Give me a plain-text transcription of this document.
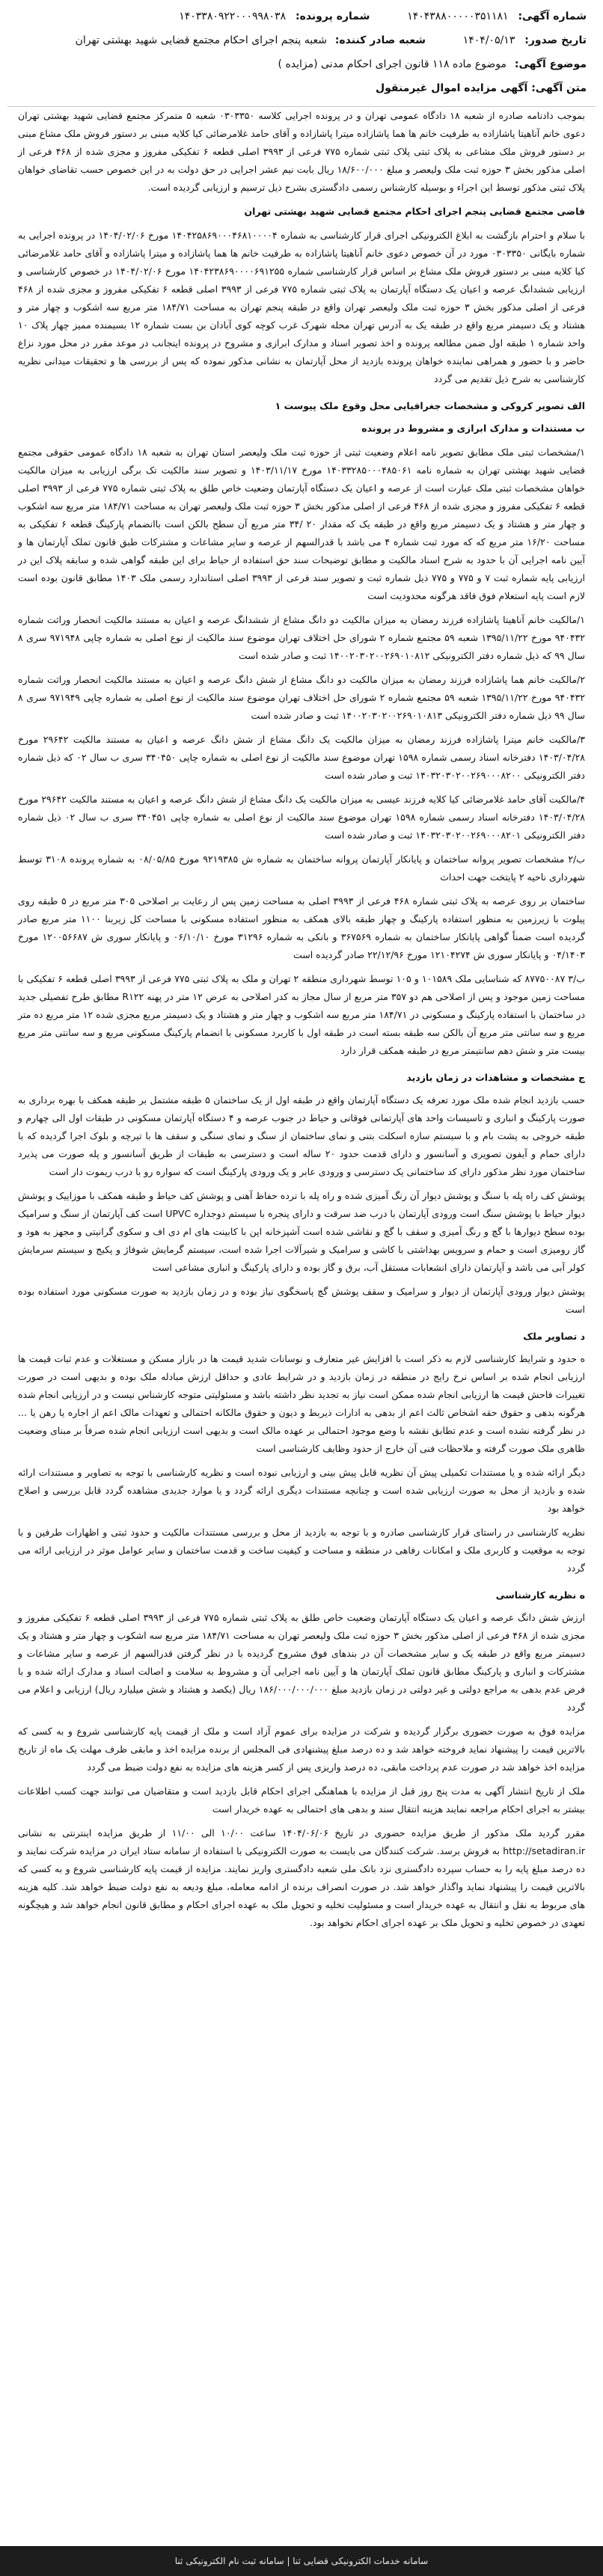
شماره آگهی: ۱۴۰۴۳۸۸۰۰۰۰۰۳۵۱۱۸۱  شماره پرونده: ۱۴۰۳۳۸۰۹۲۲۰۰۰۹۹۸۰۳۸
تاریخ صدور: ۱۴۰۴/۰۵/۱۳  شعبه صادر کننده: شعبه پنجم اجرای احکام مجتمع قضایی شهید بهشتی تهران
موضوع آگهی: موضوع ماده ۱۱۸ قانون اجرای احکام مدنی (مزایده )
متن آگهی: آگهی مزایده اموال غیرمنقول

بموجب دادنامه صادره از شعبه ۱۸ دادگاه عمومی تهران و در پرونده اجرایی کلاسه ۰۳۰۳۳۵۰ شعبه ۵ متمرکز مجتمع قضایی شهید بهشتی تهران دعوی خانم آناهیتا پاشازاده به طرفیت خانم ها هما پاشازاده میترا پاشازاده و آقای حامد غلامرضائی کیا کلایه مبنی بر دستور فروش ملک مشاع مبنی بر دستور فروش ملک مشاعی به پلاک ثبتی پلاک ثبتی شماره ۷۷۵ فرعی از ۳۹۹۳ اصلی قطعه ۶ تفکیکی مفروز و مجزی شده از ۴۶۸ فرعی از اصلی مذکور بخش ۳ حوزه ثبت ملک ولیعصر و مبلغ ۱۸/۶۰۰/۰۰۰ ریال بابت نیم عشر اجرایی در حق دولت به در این خصوص حسب تقاضای خواهان پلاک ثبتی مذکور توسط این اجراء و بوسیله کارشناس رسمی دادگستری بشرح ذیل ترسیم و ارزیابی گردیده است.

قاضی مجتمع قضایی پنجم اجرای احکام مجتمع قضایی شهید بهشتی تهران

با سلام و احترام بازگشت به ابلاغ الکترونیکی اجرای قرار کارشناسی به شماره ۱۴۰۴۲۵۸۶۹۰۰۰۴۶۸۱۰۰۰۰۴ مورخ ۱۴۰۴/۰۲/۰۶ در پرونده اجرایی به شماره بایگانی ۰۳۰۳۳۵۰ مورد در آن خصوص دعوی خانم آناهیتا پاشازاده به طرفیت خانم ها هما پاشازاده و میترا پاشازاده و آقای حامد غلامرضائی کیا کلایه مبنی بر دستور فروش ملک مشاع بر اساس قرار کارشناسی شماره ۱۴۰۴۲۳۸۶۹۰۰۰۰۶۹۱۲۵۵ مورخ ۱۴۰۴/۰۲/۰۶ در خصوص کارشناسی و ارزیابی ششدانگ عرصه و اعیان یک دستگاه آپارتمان به پلاک ثبتی شماره ۷۷۵ فرعی از ۳۹۹۳ اصلی قطعه ۶ تفکیکی مفروز و مجزی شده از ۴۶۸ فرعی از اصلی مذکور بخش ۳ حوزه ثبت ملک ولیعصر تهران واقع در طبقه پنجم تهران به مساحت ۱۸۴/۷۱ متر مربع سه اشکوب و چهار متر و هشتاد و یک دسیمتر مربع واقع در طبقه یک به آدرس تهران محله شهرک غرب کوچه کوی آبادان بن بست شماره ۱۲ بسیمنده ممیز چهار پلاک ۱۰ واحد شماره ۱ طبقه اول ضمن مطالعه پرونده و اخذ تصویر اسناد و مدارک ابرازی و مشروح در پرونده اینجانب در موعد مقرر در محل مورد نزاع حاضر و با حضور و همراهی نماینده خواهان پرونده بازدید از محل آپارتمان به نشانی مذکور نموده که پس از بررسی ها و تحقیقات میدانی نظریه کارشناسی به شرح ذیل تقدیم می گردد

الف تصویر کروکی و مشخصات جغرافیایی محل وقوع ملک پیوست ۱

ب مستندات و مدارک ابرازی و مشروط در پرونده

۱/مشخصات ثبتی ملک مطابق تصویر نامه اعلام وضعیت ثبتی از حوزه ثبت ملک ولیعصر استان تهران به شعبه ۱۸ دادگاه عمومی حقوقی مجتمع قضایی شهید بهشتی تهران به شماره نامه ۱۴۰۳۳۲۸۵۰۰۰۴۸۵۰۶۱ مورخ ۱۴۰۳/۱۱/۱۷ و تصویر سند مالکیت تک برگی ارزیابی به میزان مالکیت خواهان مشخصات ثبتی ملک عبارت است از عرصه و اعیان یک دستگاه آپارتمان وضعیت خاص طلق به پلاک ثبتی شماره ۷۷۵ فرعی از ۳۹۹۳ اصلی قطعه ۶ تفکیکی مفروز و مجزی شده از ۴۶۸ فرعی از اصلی مذکور بخش ۳ حوزه ثبت ملک ولیعصر تهران به مساحت ۱۸۴/۷۱ متر مربع سه اشکوب و چهار متر و هشتاد و یک دسیمتر مربع واقع در طبقه یک که مقدار ۲۰ /۳۴ متر مربع آن سطح بالکن است باانضمام پارکینگ قطعه ۶ تفکیکی به مساحت ۱۶/۲۰ متر مربع که که مورد ثبت شماره ۴ می باشد با قدرالسهم از عرصه و سایر مشاعات و مشترکات طبق قانون تملک آپارتمان ها و آیین نامه اجرایی آن با حدود به شرح اسناد مالکیت و مطابق توضیحات سند حق استفاده از حیاط برای این طبقه گواهی شده و سابقه پلاک این در ارزیابی پایه شماره ثبت ۷ و ۷۷۵ و ۷۷۵ ذیل شماره ثبت و تصویر سند فرعی از ۳۹۹۳ اصلی استاندارد رسمی ملک ۱۴۰۳ مطابق قانون بوده است لازم است پایه استعلام فوق فاقد هرگونه محدودیت است

۱/مالکیت خانم آناهیتا پاشازاده فرزند رمضان به میزان مالکیت دو دانگ مشاع از ششدانگ عرصه و اعیان به مستند مالکیت انحصار وراثت شماره ۹۴۰۴۳۲ مورخ ۱۳۹۵/۱۱/۲۲ شعبه ۵۹ مجتمع شماره ۲ شورای حل اختلاف تهران موضوع سند مالکیت از نوع اصلی به شماره چاپی ۹۷۱۹۴۸ سری ۸ سال ۹۹ که ذیل شماره دفتر الکترونیکی ۱۴۰۰۲۰۳۰۲۰۰۲۶۹۰۱۰۸۱۲ ثبت و صادر شده است

۲/مالکیت خانم هما پاشازاده فرزند رمضان به میزان مالکیت دو دانگ مشاع از شش دانگ عرصه و اعیان به مستند مالکیت انحصار وراثت شماره ۹۴۰۴۳۲ مورخ ۱۳۹۵/۱۱/۲۲ شعبه ۵۹ مجتمع شماره ۲ شورای حل اختلاف تهران موضوع سند مالکیت از نوع اصلی به شماره چاپی ۹۷۱۹۴۹ سری ۸ سال ۹۹ ذیل شماره دفتر الکترونیکی ۱۴۰۰۲۰۳۰۲۰۰۲۶۹۰۱۰۸۱۳ ثبت و صادر شده است

۳/مالکیت خانم میترا پاشازاده فرزند رمضان به میزان مالکیت یک دانگ مشاع از شش دانگ عرصه و اعیان به مستند مالکیت ۲۹۶۴۲ مورخ ۱۴۰۳/۰۴/۲۸ دفترخانه اسناد رسمی شماره ۱۵۹۸ تهران موضوع سند مالکیت از نوع اصلی به شماره چاپی ۳۴۰۴۵۰ سری ب سال ۰۲ که ذیل شماره دفتر الکترونیکی ۱۴۰۳۲۰۳۰۲۰۰۲۶۹۰۰۰۸۲۰۰ ثبت و صادر شده است

۴/مالکیت آقای حامد غلامرضائی کیا کلایه فرزند عیسی به میزان مالکیت یک دانگ مشاع از شش دانگ عرصه و اعیان به مستند مالکیت ۲۹۶۴۲ مورخ ۱۴۰۳/۰۴/۲۸ دفترخانه اسناد رسمی شماره ۱۵۹۸ تهران موضوع سند مالکیت از نوع اصلی به شماره چاپی ۳۴۰۴۵۱ سری ب سال ۰۲ ذیل شماره دفتر الکترونیکی ۱۴۰۳۲۰۳۰۲۰۰۲۶۹۰۰۰۸۲۰۱ ثبت و صادر شده است

ب/۲ مشخصات تصویر پروانه ساختمان و پایانکار آپارتمان پروانه ساختمان به شماره ش ۹۲۱۹۳۸۵ مورخ ۰۸/۰۵/۸۵ به شماره پرونده ۳۱۰۸ توسط شهرداری ناحیه ۲ پایتخت جهت احداث

ساختمان بر روی عرصه به پلاک ثبتی شماره ۴۶۸ فرعی از ۳۹۹۳ اصلی به مساحت زمین پس از رعایت بر اصلاحی ۳۰۵ متر مربع در ۵ طبقه روی پیلوت با زیرزمین به منظور استفاده پارکینگ و چهار طبقه بالای همکف به منظور استفاده مسکونی با مساحت کل زیربنا ۱۱۰۰ متر مربع صادر گردیده است ضمناً گواهی پایانکار ساختمان به شماره ۳۶۷۵۶۹ و بانکی به شماره ۳۱۲۹۶ مورخ ۰۶/۱۰/۱۰ و پایانکار سوری ش ۱۲۰۰۵۶۶۸۷ مورخ ۰۴/۱۴۰۳ و پایانکار سوری ش ۱۲۱۰۴۲۷۴ مورخ ۲۲/۱۲/۹۶ صادر گردیده است

ب/۳ ۸۷۷۵۰۰۸۷ که شناسایی ملک ۱۰۱۵۸۹ و ۱۰۵ توسط شهرداری منطقه ۲ تهران و ملک به پلاک ثبتی ۷۷۵ فرعی از ۳۹۹۳ اصلی قطعه ۶ تفکیکی با مساحت زمین موجود و پس از اصلاحی هم دو ۳۵۷ متر مربع از سال مجاز به کدر اصلاحی به عرض ۱۲ متر در پهنه R۱۲۲ مطابق طرح تفصیلی جدید در ساختمان با استفاده پارکینگ و مسکونی در ۱۸۴/۷۱ متر مربع سه اشکوب و چهار متر و هشتاد و یک دسیمتر مربع مجزی شده ۱۲ متر مربع ده متر مربع و سه سانتی متر مربع آن بالکن سه طبقه بسته است در طبقه اول با کاربرد مسکونی با انضمام پارکینگ مسکونی مربع و سه سانتی متر مربع بیست متر و شش دهم سانتیمتر مربع در طبقه همکف قرار دارد

ج مشخصات و مشاهدات در زمان بازدید

حسب بازدید انجام شده ملک مورد تعرفه یک دستگاه آپارتمان واقع در طبقه اول از یک ساختمان ۵ طبقه مشتمل بر طبقه همکف با بهره برداری به صورت پارکینگ و انباری و تاسیسات واحد های آپارتمانی فوقانی و حیاط در جنوب عرصه و ۴ دستگاه آپارتمان مسکونی در طبقات اول الی چهارم و طبقه خروجی به پشت بام و با سیستم سازه اسکلت بتنی و نمای ساختمان از سنگ و نمای سنگی و سقف ها با تیرچه و بلوک اجرا گردیده که با دارای حمام و آیفون تصویری و آسانسور و دارای قدمت حدود ۲۰ ساله است و دسترسی به طبقات از طریق آسانسور و پله صورت می پذیرد ساختمان مورد نظر مذکور دارای کد ساختمانی یک دسترسی و ورودی عابر و یک ورودی پارکینگ است که سواره رو با درب ریموت دار است

پوشش کف راه پله با سنگ و پوشش دیوار آن رنگ آمیزی شده و راه پله با نرده حفاظ آهنی و پوشش کف حیاط و طبقه همکف با موزاییک و پوشش دیوار حیاط با پوشش سنگ است ورودی آپارتمان با درب ضد سرقت و دارای پنجره با سیستم دوجداره UPVC است کف آپارتمان از سنگ و سرامیک بوده سطح دیوارها با گچ و رنگ آمیزی و سقف با گچ و نقاشی شده است آشپزخانه اپن با کابینت های ام دی اف و سکوی گرانیتی و مجهز به هود و گاز رومیزی است و حمام و سرویس بهداشتی با کاشی و سرامیک و شیرآلات اجرا شده است، سیستم گرمایش شوفاژ و پکیج و سیستم سرمایش کولر آبی می باشد و آپارتمان دارای انشعابات مستقل آب، برق و گاز بوده و دارای پارکینگ و انباری مشاعی است

پوشش دیوار ورودی آپارتمان از دیوار و سرامیک و سقف پوشش گچ پاسخگوی نیاز بوده و در زمان بازدید به صورت مسکونی مورد استفاده بوده است

د تصاویر ملک

ه حدود و شرایط کارشناسی لازم به ذکر است با افزایش غیر متعارف و نوسانات شدید قیمت ها در بازار مسکن و مستغلات و عدم ثبات قیمت ها ارزیابی انجام شده بر اساس نرخ رایج در منطقه در زمان بازدید و در شرایط عادی و حداقل ارزش مبادله ملک بوده و بدیهی است در صورت تغییرات فاحش قیمت ها ارزیابی انجام شده ممکن است نیاز به تجدید نظر داشته باشد و مسئولیتی متوجه کارشناس نیست و در ارزیابی انجام شده هرگونه بدهی و حقوق حقه اشخاص ثالث اعم از بدهی به ادارات ذیربط و دیون و حقوق مالکانه احتمالی و تعهدات مالک اعم از اجاره یا رهن یا ... در نظر گرفته نشده است و عدم تطابق نقشه با وضع موجود احتمالی بر عهده مالک است و بدیهی است ارزیابی انجام شده صرفاً بر مبنای وضعیت ظاهری ملک صورت گرفته و ملاحظات فنی آن خارج از حدود وظایف کارشناسی است

دیگر ارائه شده و یا مستندات تکمیلی پیش آن نظریه قابل پیش بینی و ارزیابی نبوده است و نظریه کارشناسی با توجه به تصاویر و مستندات ارائه شده و بازدید از محل به صورت ارزیابی شده است و چنانچه مستندات دیگری ارائه گردد و یا موارد جدیدی مشاهده گردد قابل بررسی و اصلاح خواهد بود

نظریه کارشناسی در راستای قرار کارشناسی صادره و با توجه به بازدید از محل و بررسی مستندات مالکیت و حدود ثبتی و اظهارات طرفین و با توجه به موقعیت و کاربری ملک و امکانات رفاهی در منطقه و مساحت و کیفیت ساخت و قدمت ساختمان و سایر عوامل موثر در ارزیابی ارائه می گردد

ه نظریه کارشناسی

ارزش شش دانگ عرصه و اعیان یک دستگاه آپارتمان وضعیت خاص طلق به پلاک ثبتی شماره ۷۷۵ فرعی از ۳۹۹۳ اصلی قطعه ۶ تفکیکی مفروز و مجزی شده از ۴۶۸ فرعی از اصلی مذکور بخش ۳ حوزه ثبت ملک ولیعصر تهران به مساحت ۱۸۴/۷۱ متر مربع سه اشکوب و چهار متر و هشتاد و یک دسیمتر مربع واقع در طبقه یک و سایر مشخصات آن در بندهای فوق مشروح گردیده با در نظر گرفتن قدرالسهم از عرصه و سایر مشاعات و مشترکات و انباری و پارکینگ مطابق قانون تملک آپارتمان ها و آیین نامه اجرایی آن و مشروط به سلامت و اصالت اسناد و مدارک ارائه شده و با فرض عدم بدهی به مراجع دولتی و غیر دولتی در زمان بازدید مبلغ ۱۸۶/۰۰۰/۰۰۰/۰۰۰ ریال (یکصد و هشتاد و شش میلیارد ریال) ارزیابی و اعلام می گردد

مزایده فوق به صورت حضوری برگزار گردیده و شرکت در مزایده برای عموم آزاد است و ملک از قیمت پایه کارشناسی شروع و به کسی که بالاترین قیمت را پیشنهاد نماید فروخته خواهد شد و ده درصد مبلغ پیشنهادی فی المجلس از برنده مزایده اخذ و مابقی ظرف مهلت یک ماه از تاریخ مزایده اخذ خواهد شد در صورت عدم پرداخت مابقی، ده درصد واریزی پس از کسر هزینه های مزایده به نفع دولت ضبط می گردد

ملک از تاریخ انتشار آگهی به مدت پنج روز قبل از مزایده با هماهنگی اجرای احکام قابل بازدید است و متقاضیان می توانند جهت کسب اطلاعات بیشتر به اجرای احکام مراجعه نمایند هزینه انتقال سند و بدهی های احتمالی به عهده خریدار است

مقرر گردید ملک مذکور از طریق مزایده حضوری در تاریخ ۱۴۰۴/۰۶/۰۶ ساعت ۱۰/۰۰ الی ۱۱/۰۰ از طریق مزایده اینترنتی به نشانی http://setadiran.ir به فروش برسد. شرکت کنندگان می بایست به صورت الکترونیکی با استفاده از سامانه ستاد ایران در مزایده شرکت نمایند و ده درصد مبلغ پایه را به حساب سپرده دادگستری نزد بانک ملی شعبه دادگستری واریز نمایند. مزایده از قیمت پایه کارشناسی شروع و به کسی که بالاترین قیمت را پیشنهاد نماید واگذار خواهد شد. در صورت انصراف برنده از ادامه معامله، مبلغ ودیعه به نفع دولت ضبط خواهد شد. کلیه هزینه های مربوط به نقل و انتقال به عهده خریدار است و مسئولیت تخلیه و تحویل ملک به عهده اجرای احکام و مطابق قانون انجام خواهد شد و هیچگونه تعهدی در خصوص تخلیه و تحویل ملک بر عهده اجرای احکام نخواهد بود.

سامانه خدمات الکترونیکی قضایی ثنا | سامانه ثبت نام الکترونیکی ثنا
